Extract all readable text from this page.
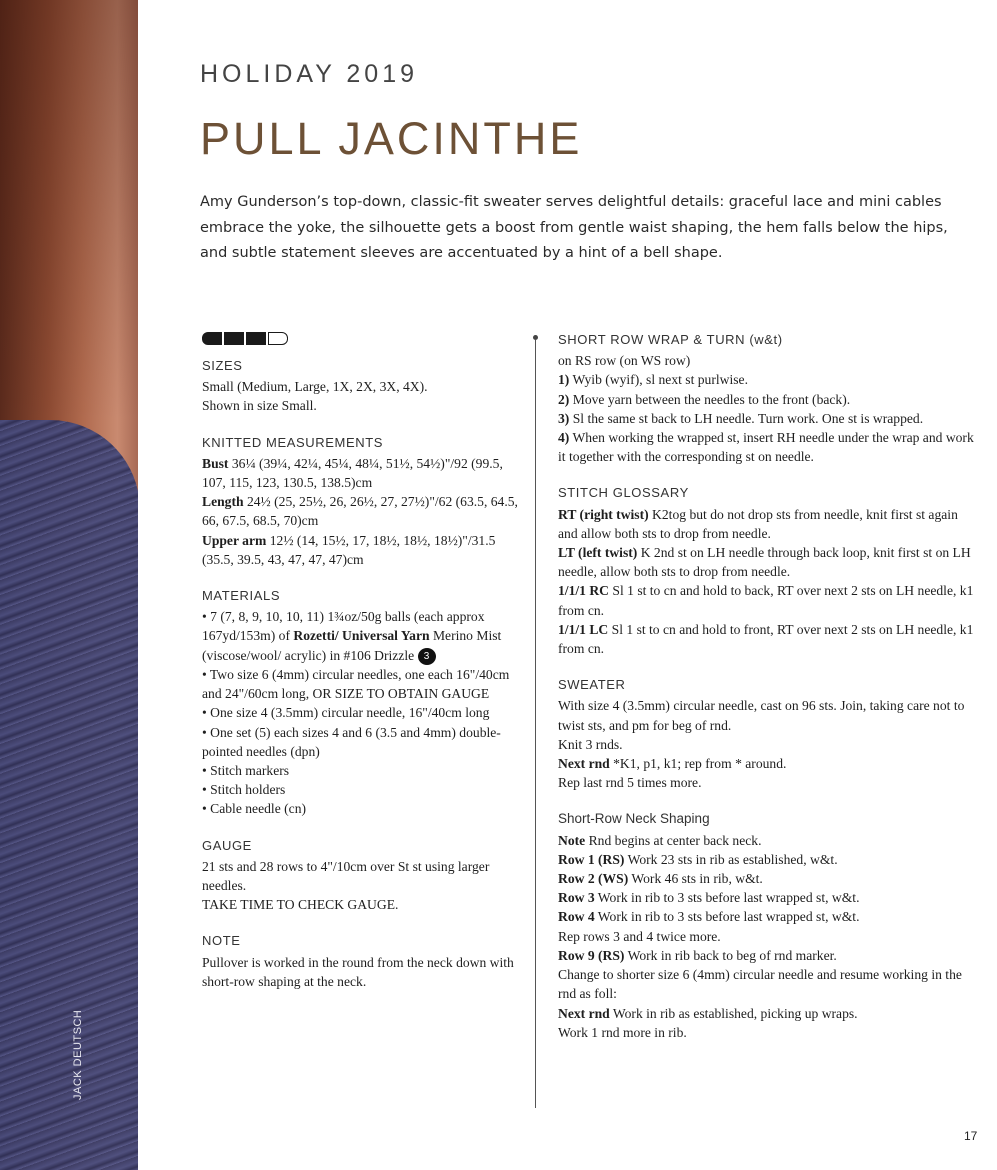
JACK DEUTSCH
HOLIDAY 2019
PULL JACINTHE
Amy Gunderson’s top-down, classic-fit sweater serves delightful details: graceful lace and mini cables embrace the yoke, the silhouette gets a boost from gentle waist shaping, the hem falls below the hips, and subtle statement sleeves are accentuated by a hint of a bell shape.

SIZES

Small (Medium, Large, 1X, 2X, 3X, 4X).

Shown in size Small.

KNITTED MEASUREMENTS

Bust 36¼ (39¼, 42¼, 45¼, 48¼, 51½, 54½)"/92 (99.5, 107, 115, 123, 130.5, 138.5)cm

Length 24½ (25, 25½, 26, 26½, 27, 27½)"/62 (63.5, 64.5, 66, 67.5, 68.5, 70)cm

Upper arm 12½ (14, 15½, 17, 18½, 18½, 18½)"/31.5 (35.5, 39.5, 43, 47, 47, 47)cm

MATERIALS

• 7 (7, 8, 9, 10, 10, 11) 1¾oz/50g balls (each approx 167yd/153m) of Rozetti/ Universal Yarn Merino Mist (viscose/wool/ acrylic) in #106 Drizzle 3

• Two size 6 (4mm) circular needles, one each 16"/40cm and 24"/60cm long, OR SIZE TO OBTAIN GAUGE

• One size 4 (3.5mm) circular needle, 16"/40cm long

• One set (5) each sizes 4 and 6 (3.5 and 4mm) double-pointed needles (dpn)

• Stitch markers

• Stitch holders

• Cable needle (cn)

GAUGE

21 sts and 28 rows to 4"/10cm over St st using larger needles.

TAKE TIME TO CHECK GAUGE.

NOTE

Pullover is worked in the round from the neck down with short-row shaping at the neck.

SHORT ROW WRAP & TURN (w&t)

on RS row (on WS row)

1) Wyib (wyif), sl next st purlwise.

2) Move yarn between the needles to the front (back).

3) Sl the same st back to LH needle. Turn work. One st is wrapped.

4) When working the wrapped st, insert RH needle under the wrap and work it together with the corresponding st on needle.

STITCH GLOSSARY

RT (right twist) K2tog but do not drop sts from needle, knit first st again and allow both sts to drop from needle.

LT (left twist) K 2nd st on LH needle through back loop, knit first st on LH needle, allow both sts to drop from needle.

1/1/1 RC Sl 1 st to cn and hold to back, RT over next 2 sts on LH needle, k1 from cn.

1/1/1 LC Sl 1 st to cn and hold to front, RT over next 2 sts on LH needle, k1 from cn.

SWEATER

With size 4 (3.5mm) circular needle, cast on 96 sts. Join, taking care not to twist sts, and pm for beg of rnd.

Knit 3 rnds.

Next rnd *K1, p1, k1; rep from * around.

Rep last rnd 5 times more.

Short-Row Neck Shaping

Note Rnd begins at center back neck.

Row 1 (RS) Work 23 sts in rib as established, w&t.

Row 2 (WS) Work 46 sts in rib, w&t.

Row 3 Work in rib to 3 sts before last wrapped st, w&t.

Row 4 Work in rib to 3 sts before last wrapped st, w&t.

Rep rows 3 and 4 twice more.

Row 9 (RS) Work in rib back to beg of rnd marker.

Change to shorter size 6 (4mm) circular needle and resume working in the rnd as foll:

Next rnd Work in rib as established, picking up wraps.

Work 1 rnd more in rib.

17
